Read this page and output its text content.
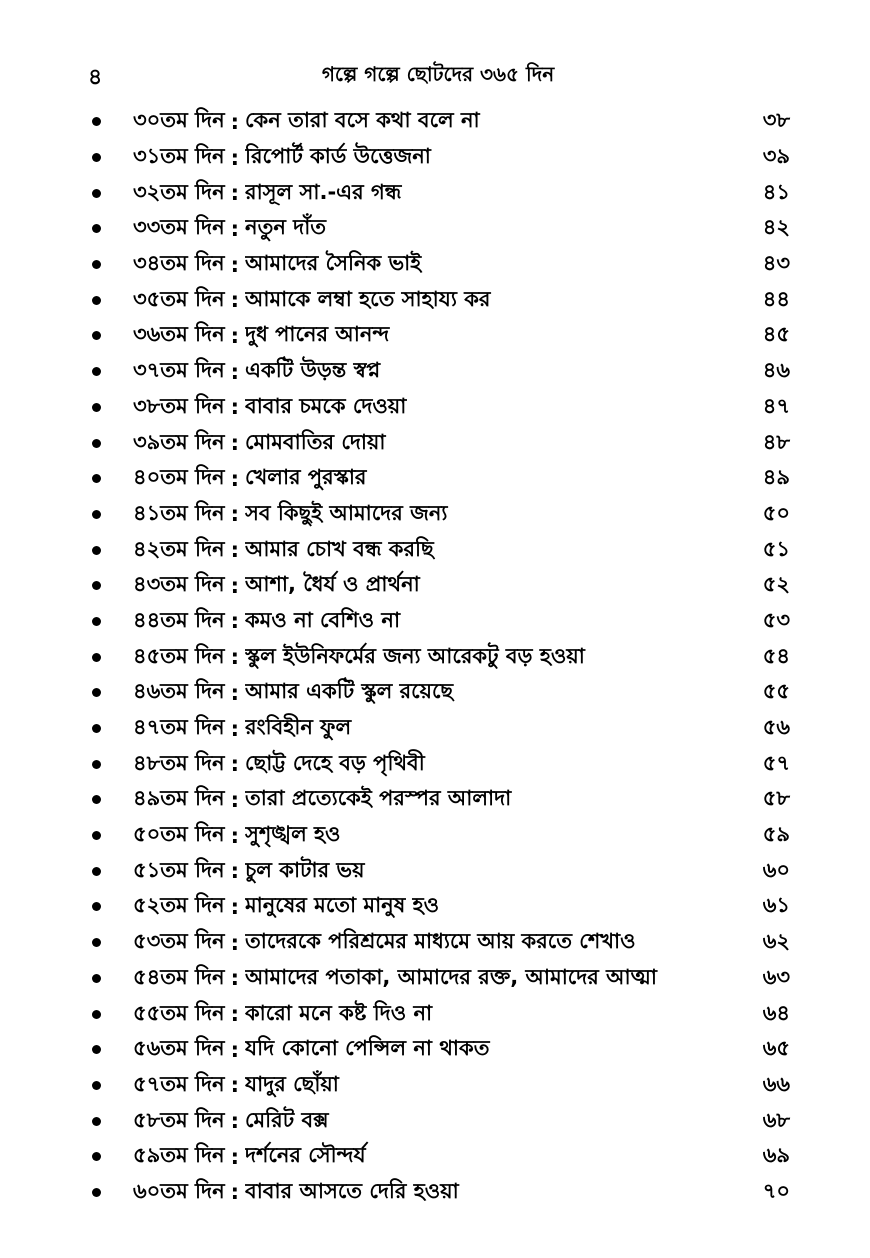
৪	গল্পে গল্পে ছোটদের ৩৬৫ দিন
৩০তম দিন : কেন তারা বসে কথা বলে না	৩৮
৩১তম দিন : রিপোর্ট কার্ড উত্তেজনা	৩৯
৩২তম দিন : রাসূল সা.-এর গন্ধ	৪১
৩৩তম দিন : নতুন দাঁত	৪২
৩৪তম দিন : আমাদের সৈনিক ভাই	৪৩
৩৫তম দিন : আমাকে লম্বা হতে সাহায্য কর	৪৪
৩৬তম দিন : দুধ পানের আনন্দ	৪৫
৩৭তম দিন : একটি উড়ন্ত স্বপ্ন	৪৬
৩৮তম দিন : বাবার চমকে দেওয়া	৪৭
৩৯তম দিন : মোমবাতির দোয়া	৪৮
৪০তম দিন : খেলার পুরস্কার	৪৯
৪১তম দিন : সব কিছুই আমাদের জন্য	৫০
৪২তম দিন : আমার চোখ বন্ধ করছি	৫১
৪৩তম দিন : আশা, ধৈর্য ও প্রার্থনা	৫২
৪৪তম দিন : কমও না বেশিও না	৫৩
৪৫তম দিন : স্কুল ইউনিফর্মের জন্য আরেকটু বড় হওয়া	৫৪
৪৬তম দিন : আমার একটি স্কুল রয়েছে	৫৫
৪৭তম দিন : রংবিহীন ফুল	৫৬
৪৮তম দিন : ছোট্ট দেহে বড় পৃথিবী	৫৭
৪৯তম দিন : তারা প্রত্যেকেই পরস্পর আলাদা	৫৮
৫০তম দিন : সুশৃঙ্খল হও	৫৯
৫১তম দিন : চুল কাটার ভয়	৬০
৫২তম দিন : মানুষের মতো মানুষ হও	৬১
৫৩তম দিন : তাদেরকে পরিশ্রমের মাধ্যমে আয় করতে শেখাও	৬২
৫৪তম দিন : আমাদের পতাকা, আমাদের রক্ত, আমাদের আত্মা	৬৩
৫৫তম দিন : কারো মনে কষ্ট দিও না	৬৪
৫৬তম দিন : যদি কোনো পেন্সিল না থাকত	৬৫
৫৭তম দিন : যাদুর ছোঁয়া	৬৬
৫৮তম দিন : মেরিট বক্স	৬৮
৫৯তম দিন : দর্শনের সৌন্দর্য	৬৯
৬০তম দিন : বাবার আসতে দেরি হওয়া	৭০
